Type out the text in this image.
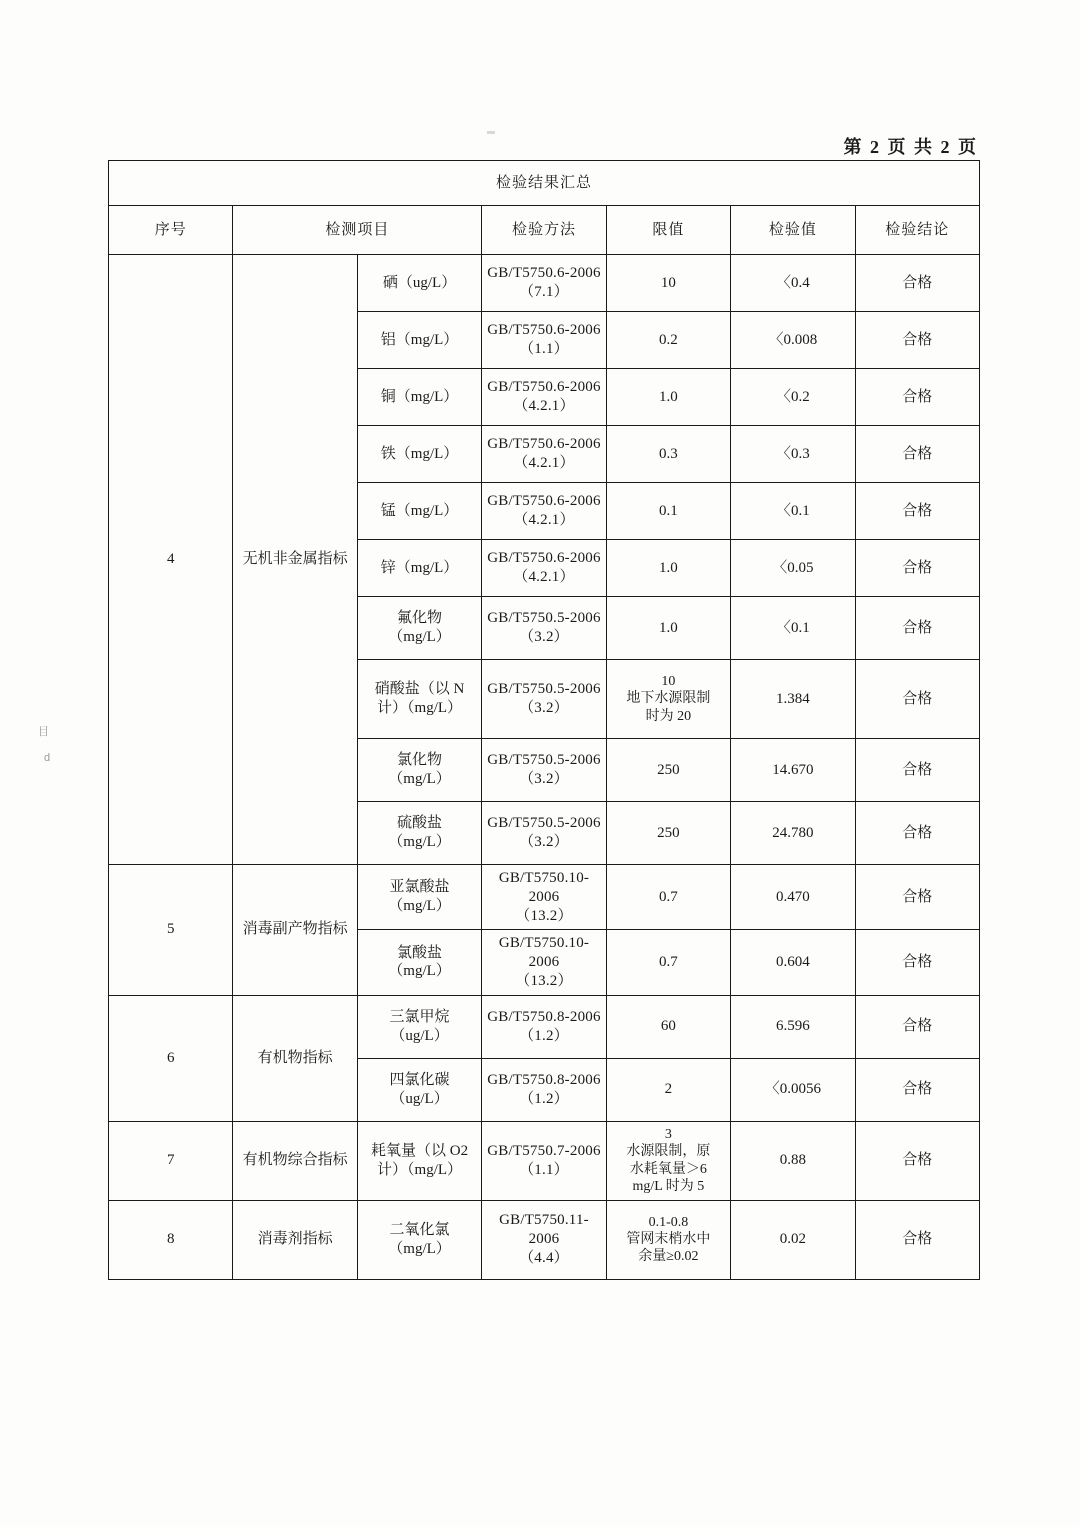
第 2 页 共 2 页
目
d
检验结果汇总						
序号	检测项目		检验方法	限值	检验值	检验结论
4	无机非金属指标	硒（ug/L）	GB/T5750.6-2006
（7.1）	10	〈0.4	合格
		铝（mg/L）	GB/T5750.6-2006
（1.1）	0.2	〈0.008	合格
		铜（mg/L）	GB/T5750.6-2006
（4.2.1）	1.0	〈0.2	合格
		铁（mg/L）	GB/T5750.6-2006
（4.2.1）	0.3	〈0.3	合格
		锰（mg/L）	GB/T5750.6-2006
（4.2.1）	0.1	〈0.1	合格
		锌（mg/L）	GB/T5750.6-2006
（4.2.1）	1.0	〈0.05	合格

		氟化物
（mg/L）	GB/T5750.5-2006
（3.2）	1.0	〈0.1	合格

		硝酸盐（以 N
计）（mg/L）	GB/T5750.5-2006
（3.2）	10
地下水源限制
时为 20	1.384	合格

		氯化物
（mg/L）	GB/T5750.5-2006
（3.2）	250	14.670	合格

		硫酸盐
（mg/L）	GB/T5750.5-2006
（3.2）	250	24.780	合格
5	消毒副产物指标	亚氯酸盐
（mg/L）	GB/T5750.10-2006
（13.2）	0.7	0.470	合格

		氯酸盐
（mg/L）	GB/T5750.10-2006
（13.2）	0.7	0.604	合格
6	有机物指标	三氯甲烷
（ug/L）	GB/T5750.8-2006
（1.2）	60	6.596	合格

		四氯化碳
（ug/L）	GB/T5750.8-2006
（1.2）	2	〈0.0056	合格
7	有机物综合指标	耗氧量（以 O2
计）（mg/L）	GB/T5750.7-2006
（1.1）	3
水源限制，原
水耗氧量＞6
mg/L 时为 5	0.88	合格
8	消毒剂指标	二氧化氯
（mg/L）	GB/T5750.11-2006
（4.4）	0.1-0.8
管网末梢水中
余量≥0.02	0.02	合格
